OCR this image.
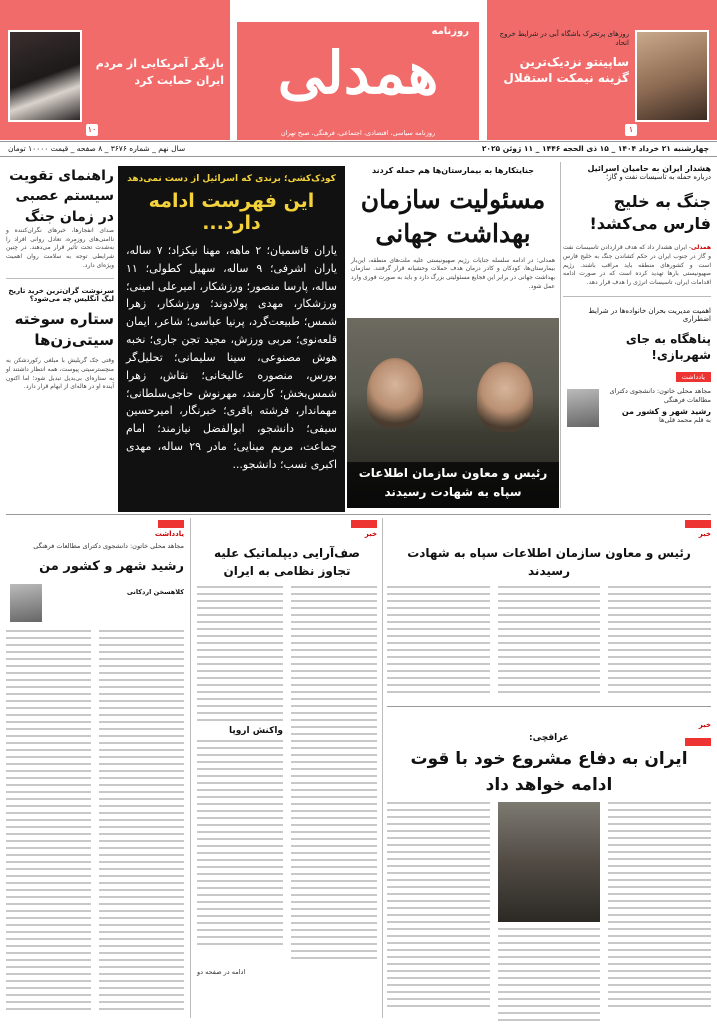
روزهای پرتحرک باشگاه آبی در شرایط خروج اتحاد
ساپینتو نزدیک‌ترین گزینه نیمکت استقلال
۱
روزنامه
همدلی
روزنامه سیاسی، اقتصادی، اجتماعی، فرهنگی، صبح تهران
بازیگر آمریکایی از مردم ایران حمایت کرد
۱۰
چهارشنبه ۲۱ خرداد ۱۴۰۴ _ ۱۵ ذی الحجه ۱۴۴۶ _ ۱۱ ژوئن ۲۰۲۵
سال نهم _ شماره ۳۶۷۶ _ ۸ صفحه _ قیمت ۱۰۰۰۰ تومان
هشدار ایران به حامیان اسرائیل
درباره حمله به تاسیسات نفت و گاز؛
جنگ به خلیج فارس می‌کشد!
همدلی- ایران هشدار داد که هدف قراردادن تاسیسات نفت و گاز در جنوب ایران در حکم کشاندن جنگ به خلیج فارس است و کشورهای منطقه باید مراقب باشند. رژیم صهیونیستی بارها تهدید کرده است که در صورت ادامه اقدامات ایران، تاسیسات انرژی را هدف قرار دهد.
اهمیت مدیریت بحران خانواده‌ها در شرایط اضطراری
پناهگاه به جای شهربازی!
یادداشت
مجاهد محلی خاتون: دانشجوی دکترای مطالعات فرهنگی
رشید شهر و کشور من
به قلم محمد قلی‌ها
جنایتکارها به بیمارستان‌ها هم حمله کردند
مسئولیت سازمان بهداشت جهانی
همدلی: در ادامه سلسله جنایات رژیم صهیونیستی علیه ملت‌های منطقه، این‌بار بیمارستان‌ها، کودکان و کادر درمان هدف حملات وحشیانه قرار گرفتند. سازمان بهداشت جهانی در برابر این فجایع مسئولیتی بزرگ دارد و باید به صورت فوری وارد عمل شود.
رئیس و معاون سازمان اطلاعات سپاه به شهادت رسیدند
کودک‌کشی؛ برندی که اسرائیل از دست نمی‌دهد
این فهرست ادامه دارد...
یاران قاسمیان؛ ۲ ماهه، مهنا نیکزاد؛ ۷ ساله، یاران اشرفی؛ ۹ ساله، سهیل کطولی؛ ۱۱ ساله، پارسا منصور؛ ورزشکار، امیرعلی امینی؛ ورزشکار، مهدی پولادوند؛ ورزشکار، زهرا شمس؛ طبیعت‌گرد، پرنیا عباسی؛ شاعر، ایمان قلعه‌نوی؛ مربی ورزش، مجید تجن جاری؛ نخبه هوش مصنوعی، سینا سلیمانی؛ تحلیل‌گر بورس، منصوره عالیخانی؛ نقاش، زهرا شمس‌بخش؛ کارمند، مهرنوش حاجی‌سلطانی؛ مهماندار، فرشته باقری؛ خبرنگار، امیرحسین سیفی؛ دانشجو، ابوالفضل نیازمند؛ امام جماعت، مریم مینایی؛ مادر ۲۹ ساله، مهدی اکبری نسب؛ دانشجو...
راهنمای تقویت سیستم عصبی در زمان جنگ
صدای انفجارها، خبرهای نگران‌کننده و ناامنی‌های روزمره، تعادل روانی افراد را به‌شدت تحت تأثیر قرار می‌دهند. در چنین شرایطی توجه به سلامت روان اهمیت ویژه‌ای دارد.
سرنوشت گران‌ترین خرید تاریخ لیگ انگلیس چه می‌شود؟
ستاره سوخته سیتی‌زن‌ها
وقتی جک گریلیش با مبلغی رکوردشکن به منچسترسیتی پیوست، همه انتظار داشتند او به ستاره‌ای بی‌بدیل تبدیل شود؛ اما اکنون آینده او در هاله‌ای از ابهام قرار دارد.
خبر
رئیس و معاون سازمان اطلاعات سپاه به شهادت رسیدند
خبر
عراقچی:
ایران به دفاع مشروع خود با قوت ادامه خواهد داد
خبر
صف‌آرایی دیپلماتیک علیه تجاوز نظامی به ایران
واکنش اروپا
ادامه در صفحه دو
یادداشت
مجاهد محلی خاتون: دانشجوی دکترای مطالعات فرهنگی
رشید شهر و کشور من
کلاهسخن اردکانی
